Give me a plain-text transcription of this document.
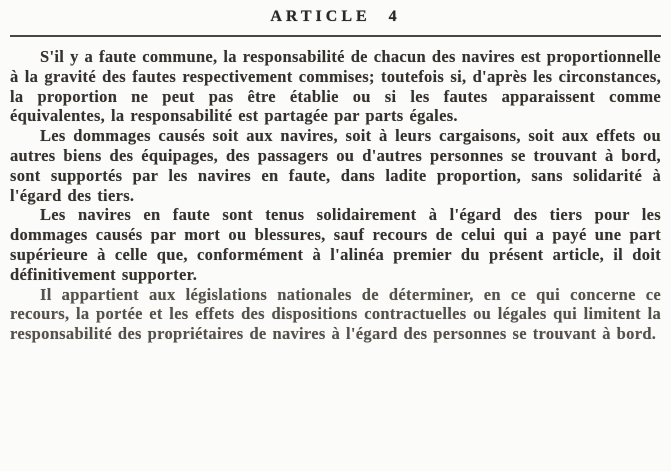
ARTICLE 4

S'il y a faute commune, la responsabilité de chacun des navires est proportionnelle à la gravité des fautes respectivement commises; toutefois si, d'après les circonstances, la proportion ne peut pas être établie ou si les fautes apparaissent comme équivalentes, la responsabilité est partagée par parts égales.

Les dommages causés soit aux navires, soit à leurs cargaisons, soit aux effets ou autres biens des équipages, des passagers ou d'autres personnes se trouvant à bord, sont supportés par les navires en faute, dans ladite proportion, sans solidarité à l'égard des tiers.

Les navires en faute sont tenus solidairement à l'égard des tiers pour les dommages causés par mort ou blessures, sauf recours de celui qui a payé une part supérieure à celle que, conformément à l'alinéa premier du présent article, il doit définitivement supporter.

Il appartient aux législations nationales de déterminer, en ce qui concerne ce recours, la portée et les effets des dispositions contractuelles ou légales qui limitent la responsabilité des propriétaires de navires à l'égard des personnes se trouvant à bord.
